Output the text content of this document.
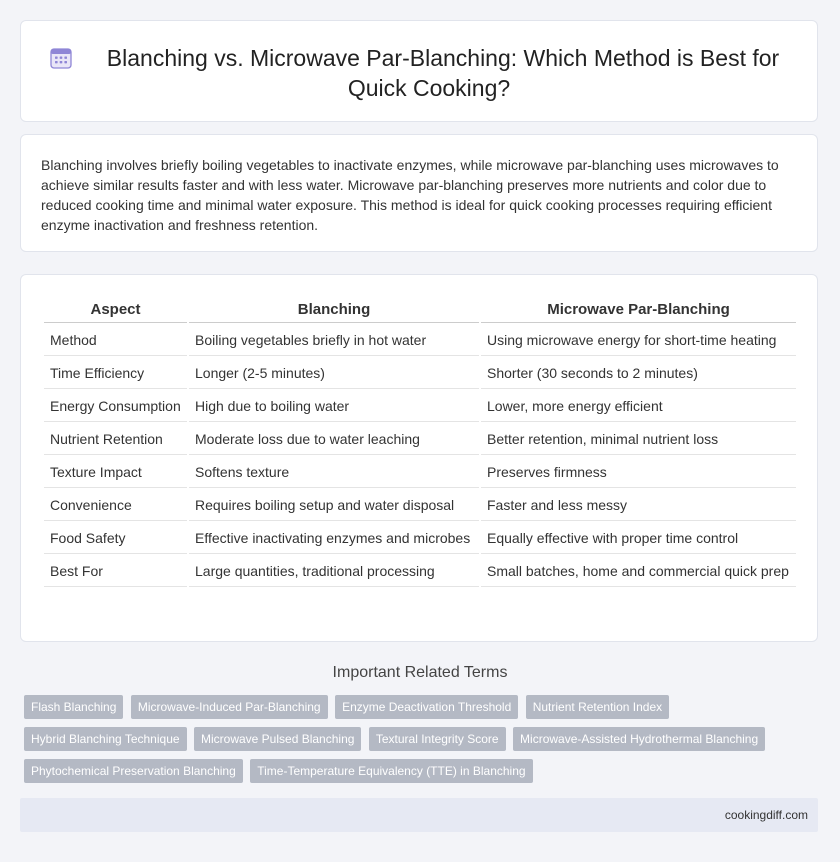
Blanching vs. Microwave Par-Blanching: Which Method is Best for Quick Cooking?

Blanching involves briefly boiling vegetables to inactivate enzymes, while microwave par-blanching uses microwaves to achieve similar results faster and with less water. Microwave par-blanching preserves more nutrients and color due to reduced cooking time and minimal water exposure. This method is ideal for quick cooking processes requiring efficient enzyme inactivation and freshness retention.

Aspect	Blanching	Microwave Par-Blanching
Method	Boiling vegetables briefly in hot water	Using microwave energy for short-time heating
Time Efficiency	Longer (2-5 minutes)	Shorter (30 seconds to 2 minutes)
Energy Consumption	High due to boiling water	Lower, more energy efficient
Nutrient Retention	Moderate loss due to water leaching	Better retention, minimal nutrient loss
Texture Impact	Softens texture	Preserves firmness
Convenience	Requires boiling setup and water disposal	Faster and less messy
Food Safety	Effective inactivating enzymes and microbes	Equally effective with proper time control
Best For	Large quantities, traditional processing	Small batches, home and commercial quick prep
Important Related Terms
Flash Blanching Microwave-Induced Par-Blanching Enzyme Deactivation Threshold Nutrient Retention Index Hybrid Blanching Technique Microwave Pulsed Blanching Textural Integrity Score Microwave-Assisted Hydrothermal Blanching Phytochemical Preservation Blanching Time-Temperature Equivalency (TTE) in Blanching
cookingdiff.com
